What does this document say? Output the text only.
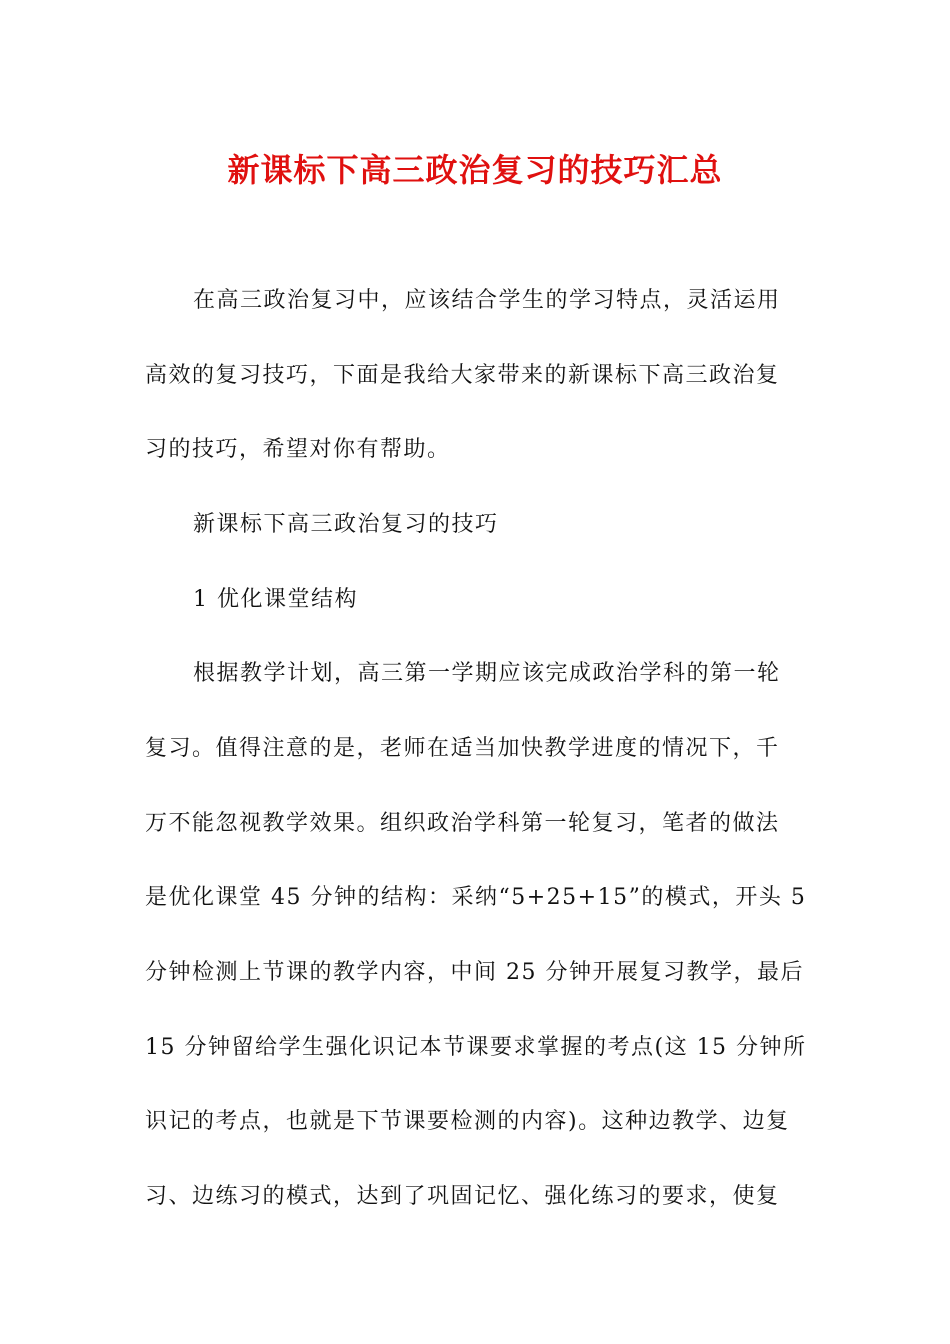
新课标下高三政治复习的技巧汇总
在高三政治复习中，应该结合学生的学习特点，灵活运用
高效的复习技巧，下面是我给大家带来的新课标下高三政治复
习的技巧，希望对你有帮助。
新课标下高三政治复习的技巧
1 优化课堂结构
根据教学计划，高三第一学期应该完成政治学科的第一轮
复习。值得注意的是，老师在适当加快教学进度的情况下，千
万不能忽视教学效果。组织政治学科第一轮复习，笔者的做法
是优化课堂 45 分钟的结构：采纳“5+25+15”的模式，开头 5
分钟检测上节课的教学内容，中间 25 分钟开展复习教学，最后
15 分钟留给学生强化识记本节课要求掌握的考点(这 15 分钟所
识记的考点，也就是下节课要检测的内容)。这种边教学、边复
习、边练习的模式，达到了巩固记忆、强化练习的要求，使复
